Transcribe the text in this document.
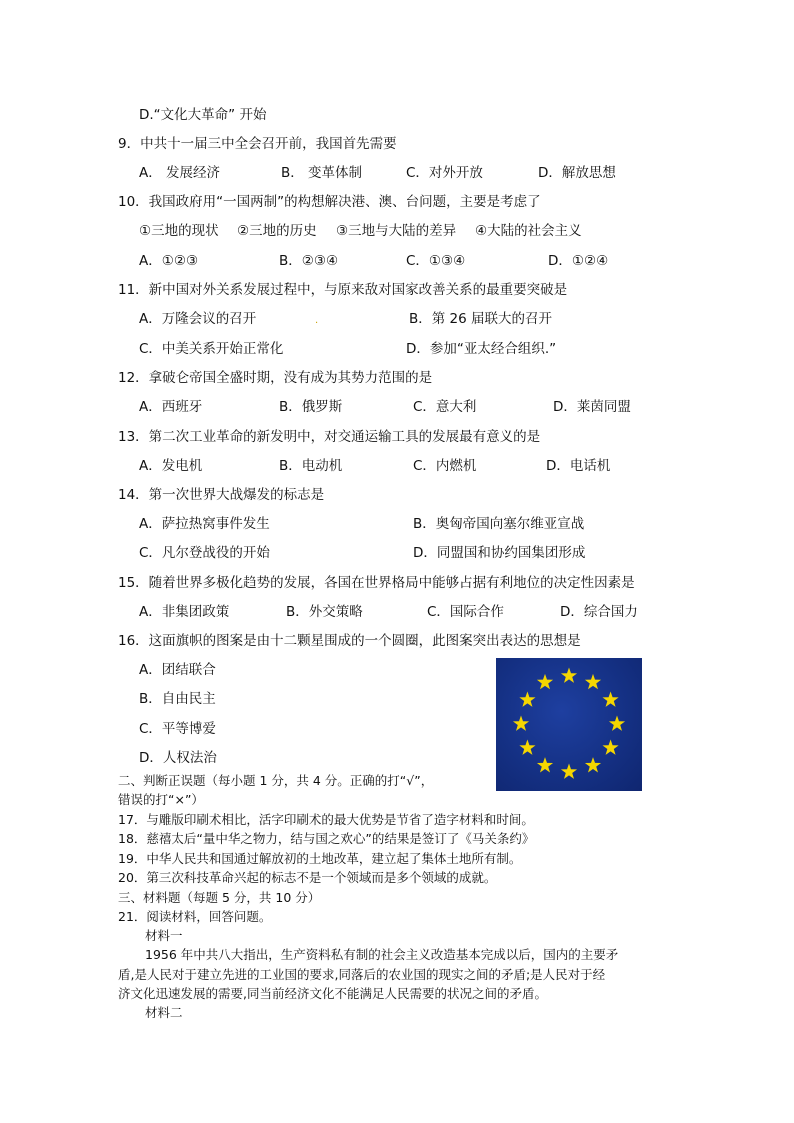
D.“文化大革命” 开始
9．中共十一届三中全会召开前，我国首先需要
A． 发展经济	B． 变革体制	C．对外开放	D．解放思想
10．我国政府用“一国两制”的构想解决港、澳、台问题，主要是考虑了
①三地的现状 ②三地的历史 ③三地与大陆的差异 ④大陆的社会主义
A．①②③	B．②③④	C．①③④	D．①②④
11．新中国对外关系发展过程中，与原来敌对国家改善关系的最重要突破是
A．万隆会议的召开	.	B．第 26 届联大的召开
C．中美关系开始正常化	D．参加“亚太经合组织.”
12．拿破仑帝国全盛时期，没有成为其势力范围的是
A．西班牙	B．俄罗斯	C．意大利	D．莱茵同盟
13．第二次工业革命的新发明中，对交通运输工具的发展最有意义的是
A．发电机	B．电动机	C．内燃机	D．电话机
14．第一次世界大战爆发的标志是
A．萨拉热窝事件发生	B．奥匈帝国向塞尔维亚宣战
C．凡尔登战役的开始	D．同盟国和协约国集团形成
15．随着世界多极化趋势的发展，各国在世界格局中能够占据有利地位的决定性因素是
A．非集团政策	B．外交策略	C．国际合作	D．综合国力
16．这面旗帜的图案是由十二颗星围成的一个圆圈，此图案突出表达的思想是
A．团结联合
B．自由民主
C．平等博爱
D．人权法治
二、判断正误题（每小题 1 分，共 4 分。正确的打“√”，
错误的打“×”）
17．与雕版印刷术相比，活字印刷术的最大优势是节省了造字材料和时间。
18．慈禧太后“量中华之物力，结与国之欢心”的结果是签订了《马关条约》
19．中华人民共和国通过解放初的土地改革，建立起了集体土地所有制。
20．第三次科技革命兴起的标志不是一个领域而是多个领域的成就。
三、材料题（每题 5 分，共 10 分）
21．阅读材料，回答问题。
材料一
1956 年中共八大指出，生产资料私有制的社会主义改造基本完成以后，国内的主要矛
盾,是人民对于建立先进的工业国的要求,同落后的农业国的现实之间的矛盾;是人民对于经
济文化迅速发展的需要,同当前经济文化不能满足人民需要的状况之间的矛盾。
材料二
